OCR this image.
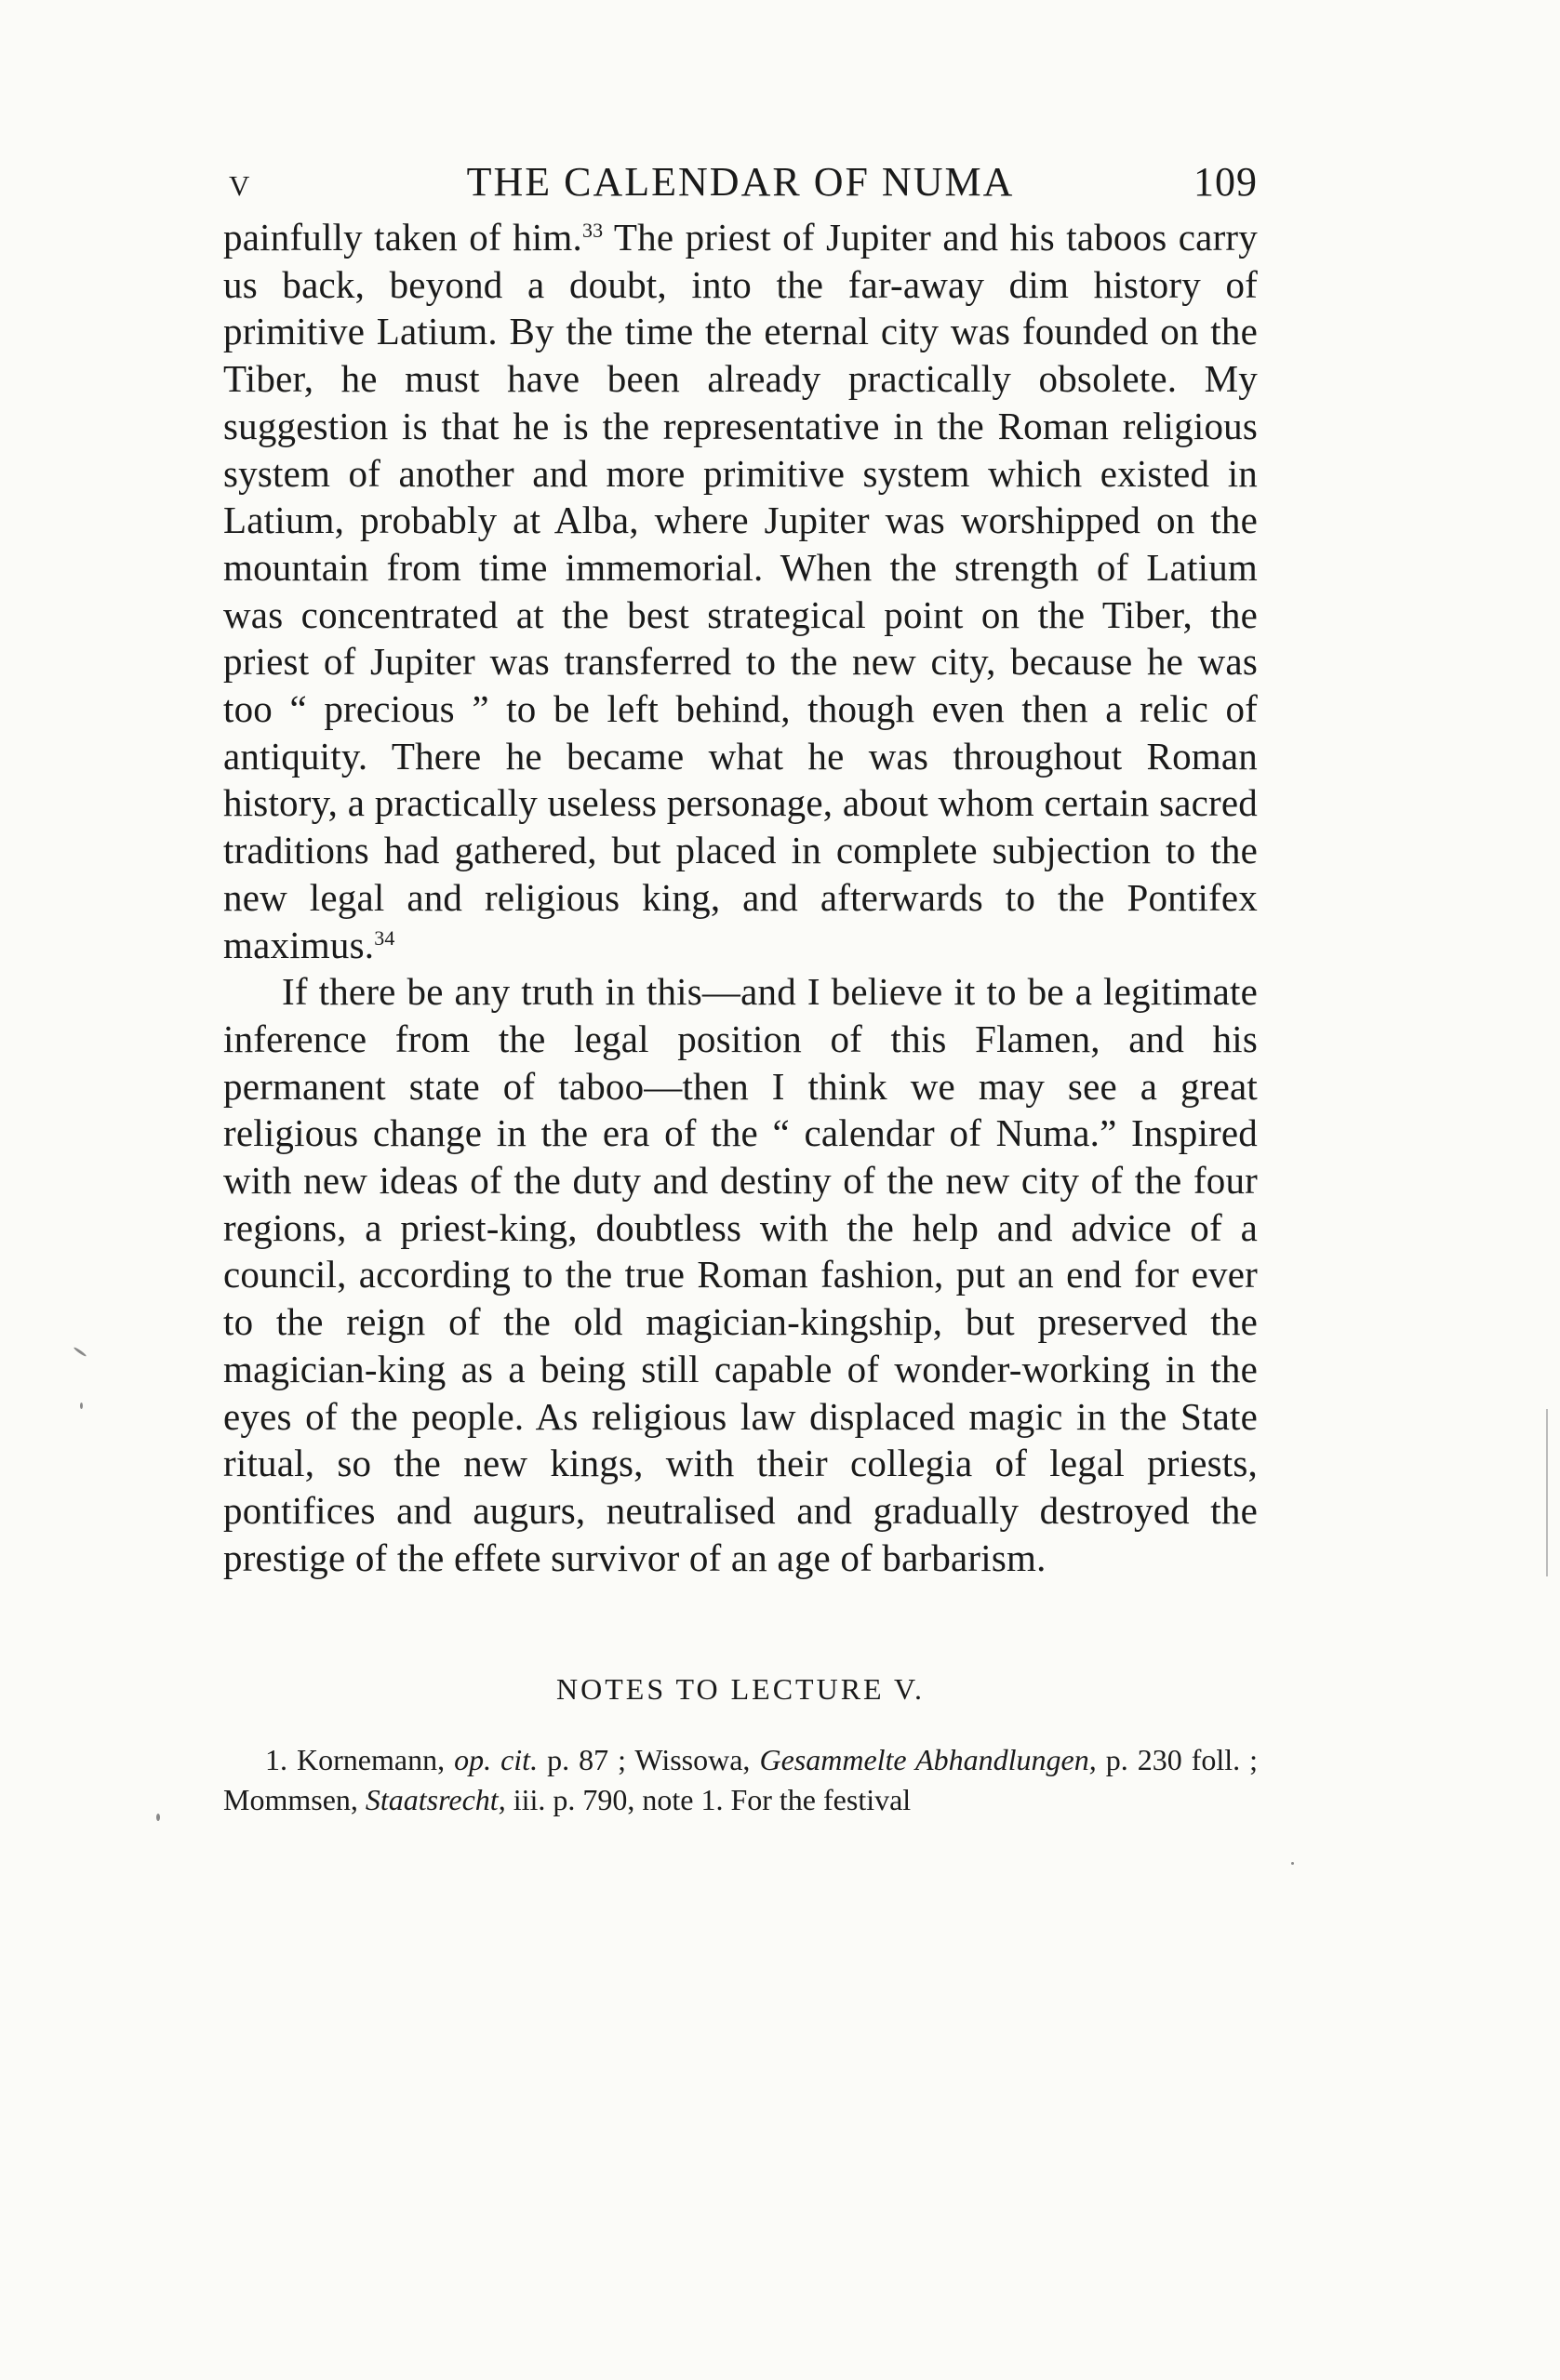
v	THE CALENDAR OF NUMA	109

painfully taken of him.$^{33}$ The priest of Jupiter and his taboos carry us back, beyond a doubt, into the far-away dim history of primitive Latium. By the time the eternal city was founded on the Tiber, he must have been already practically obsolete. My suggestion is that he is the representative in the Roman religious system of another and more primitive system which existed in Latium, probably at Alba, where Jupiter was worshipped on the mountain from time immemorial. When the strength of Latium was concentrated at the best strategical point on the Tiber, the priest of Jupiter was transferred to the new city, because he was too “ precious ” to be left behind, though even then a relic of antiquity. There he became what he was throughout Roman history, a practically useless personage, about whom certain sacred traditions had gathered, but placed in complete subjection to the new legal and religious king, and afterwards to the Pontifex maximus.$^{34}$

If there be any truth in this—and I believe it to be a legitimate inference from the legal position of this Flamen, and his permanent state of taboo—then I think we may see a great religious change in the era of the “ calendar of Numa.” Inspired with new ideas of the duty and destiny of the new city of the four regions, a priest-king, doubtless with the help and advice of a council, according to the true Roman fashion, put an end for ever to the reign of the old magician-kingship, but preserved the magician-king as a being still capable of wonder-working in the eyes of the people. As religious law displaced magic in the State ritual, so the new kings, with their collegia of legal priests, pontifices and augurs, neutralised and gradually destroyed the prestige of the effete survivor of an age of barbarism.

NOTES TO LECTURE V.
1. Kornemann, op. cit. p. 87 ; Wissowa, Gesammelte Abhandlungen, p. 230 foll. ; Mommsen, Staatsrecht, iii. p. 790, note 1. For the festival
